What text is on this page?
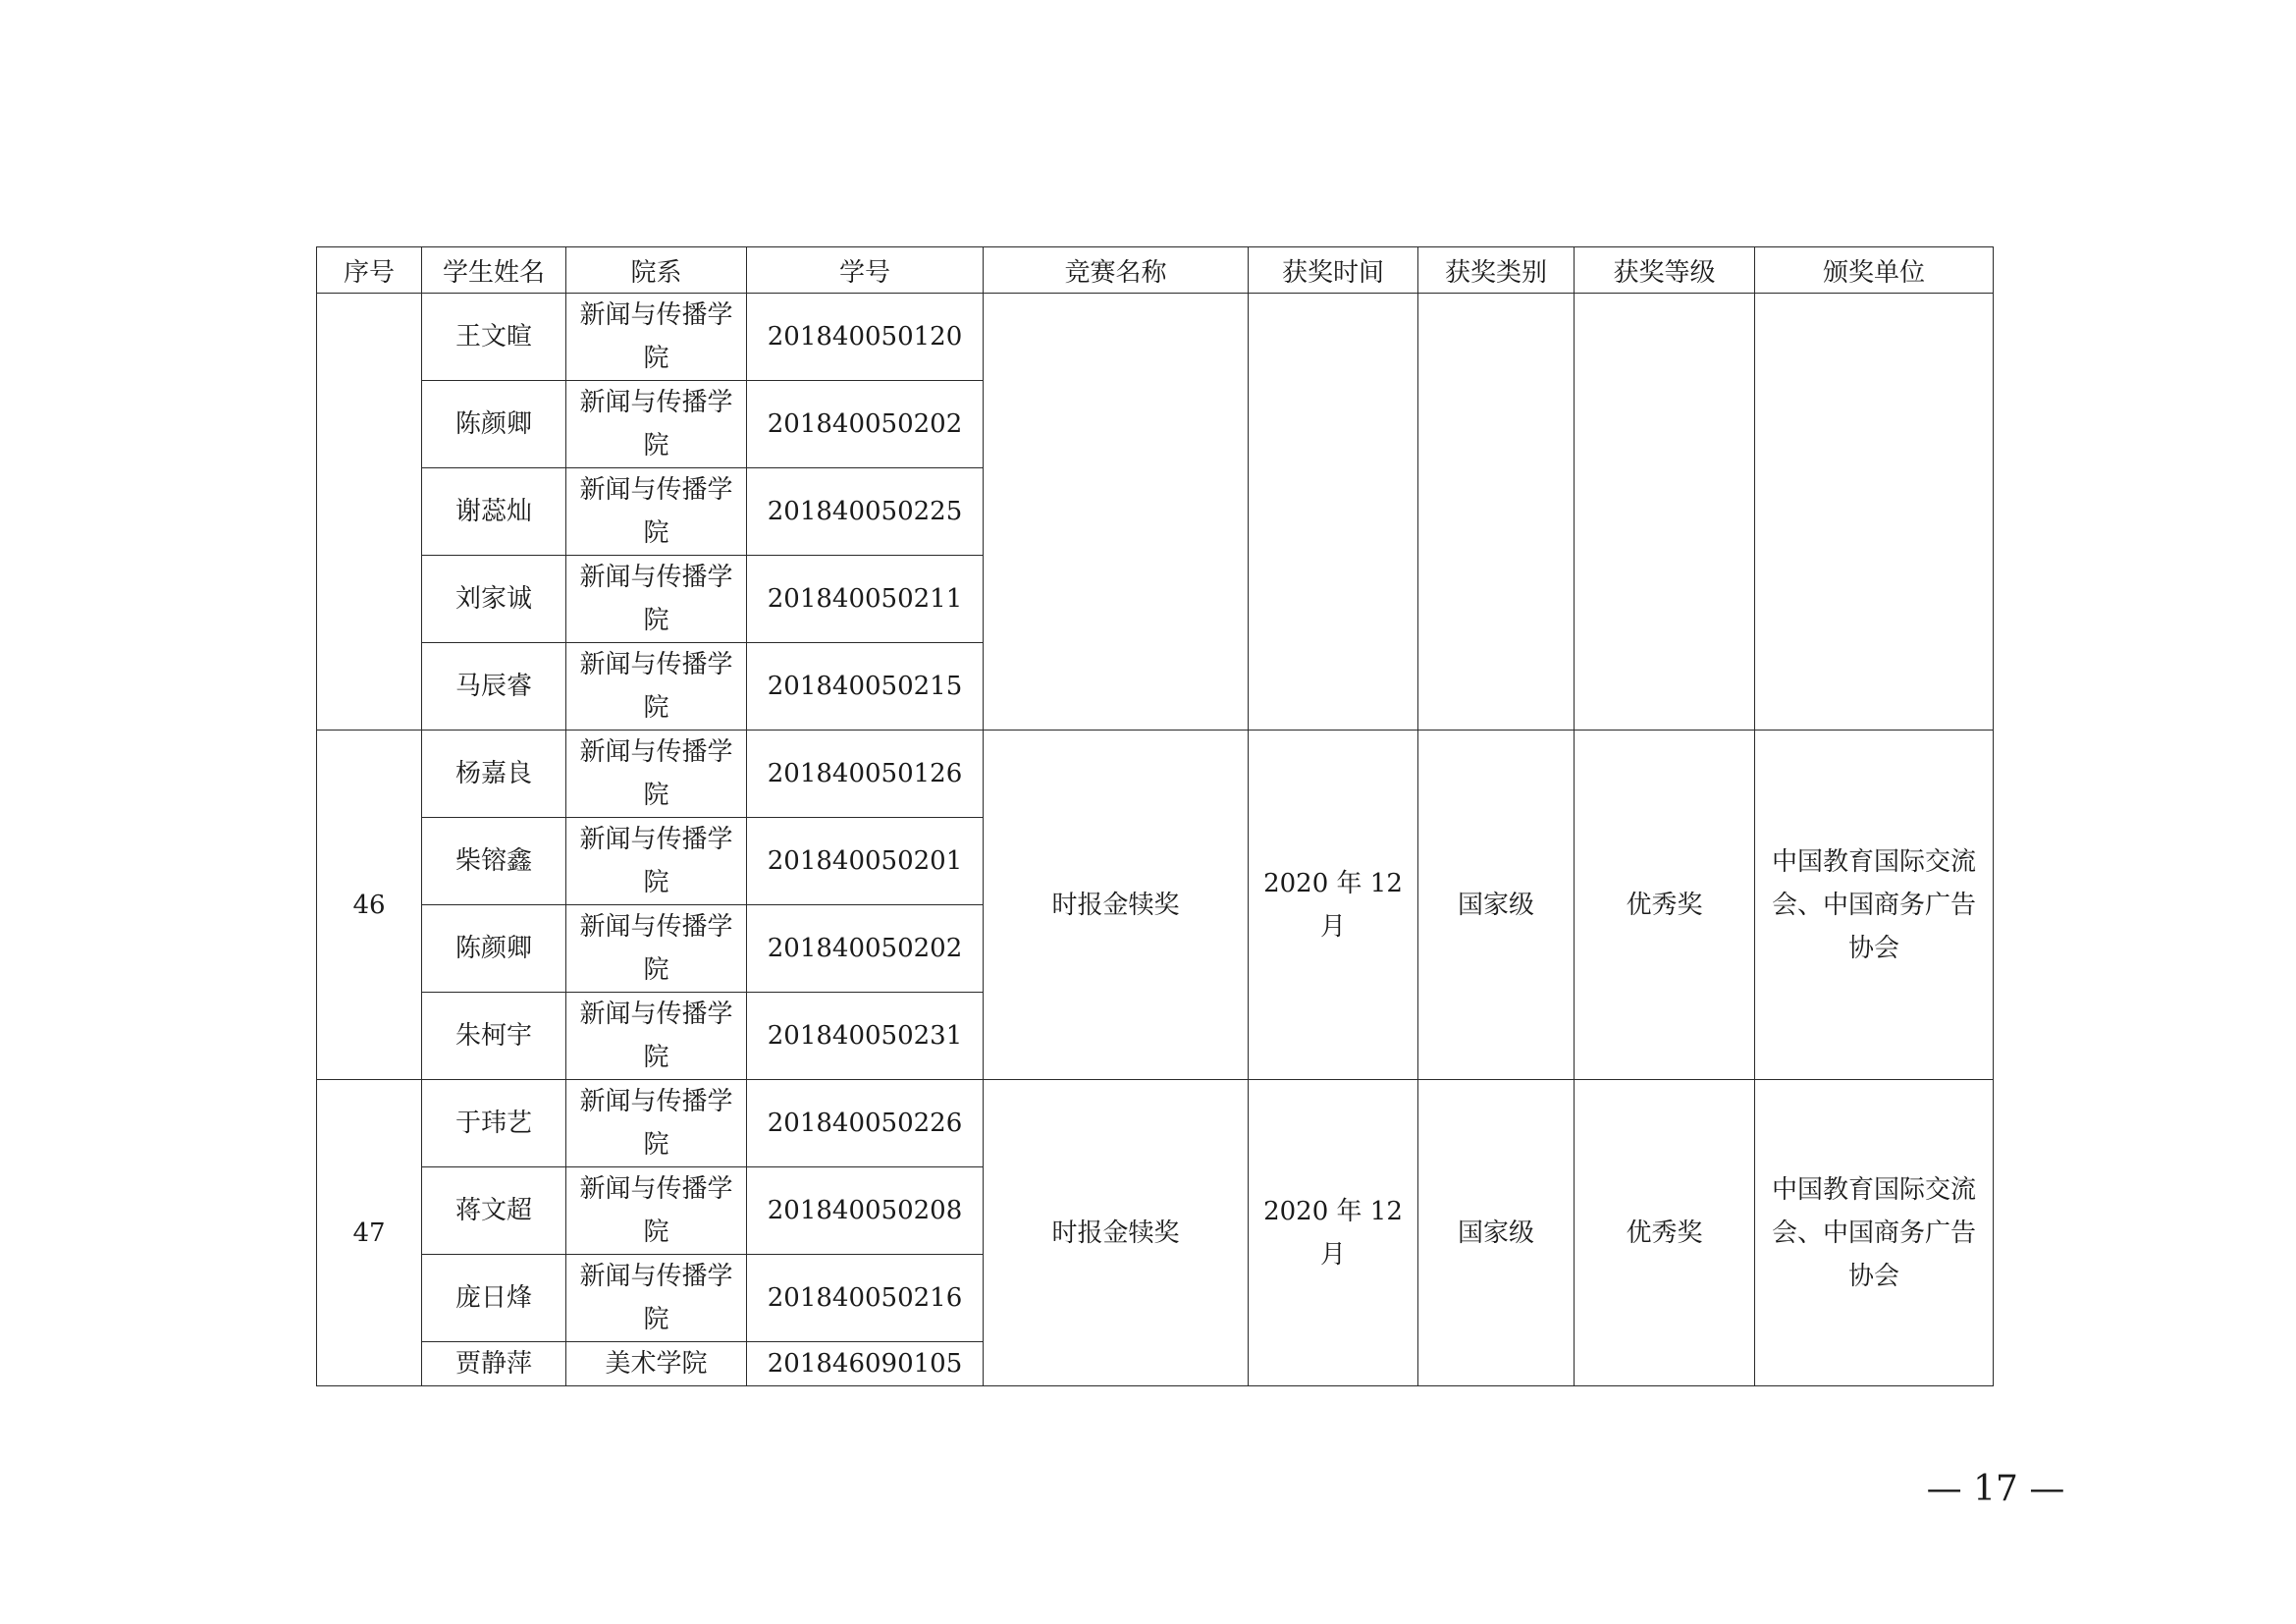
序号	学生姓名	院系	学号	竞赛名称	获奖时间	获奖类别	获奖等级	颁奖单位
	王文暄	新闻与传播学院	201840050120		

	陈颜卿	新闻与传播学院	201840050202					
	谢蕊灿	新闻与传播学院	201840050225					
	刘家诚	新闻与传播学院	201840050211					
	马辰睿	新闻与传播学院	201840050215					
46	杨嘉良	新闻与传播学院	201840050126	时报金犊奖	2020 年 12 月	国家级	优秀奖	中国教育国际交流会、中国商务广告协会

	柴镕鑫	新闻与传播学院	201840050201					
	陈颜卿	新闻与传播学院	201840050202					
	朱柯宇	新闻与传播学院	201840050231					
47	于玮艺	新闻与传播学院	201840050226	时报金犊奖	2020 年 12 月	国家级	优秀奖	中国教育国际交流会、中国商务广告协会

	蒋文超	新闻与传播学院	201840050208					
	庞日烽	新闻与传播学院	201840050216					
	贾静萍	美术学院	201846090105					
— 17 —
